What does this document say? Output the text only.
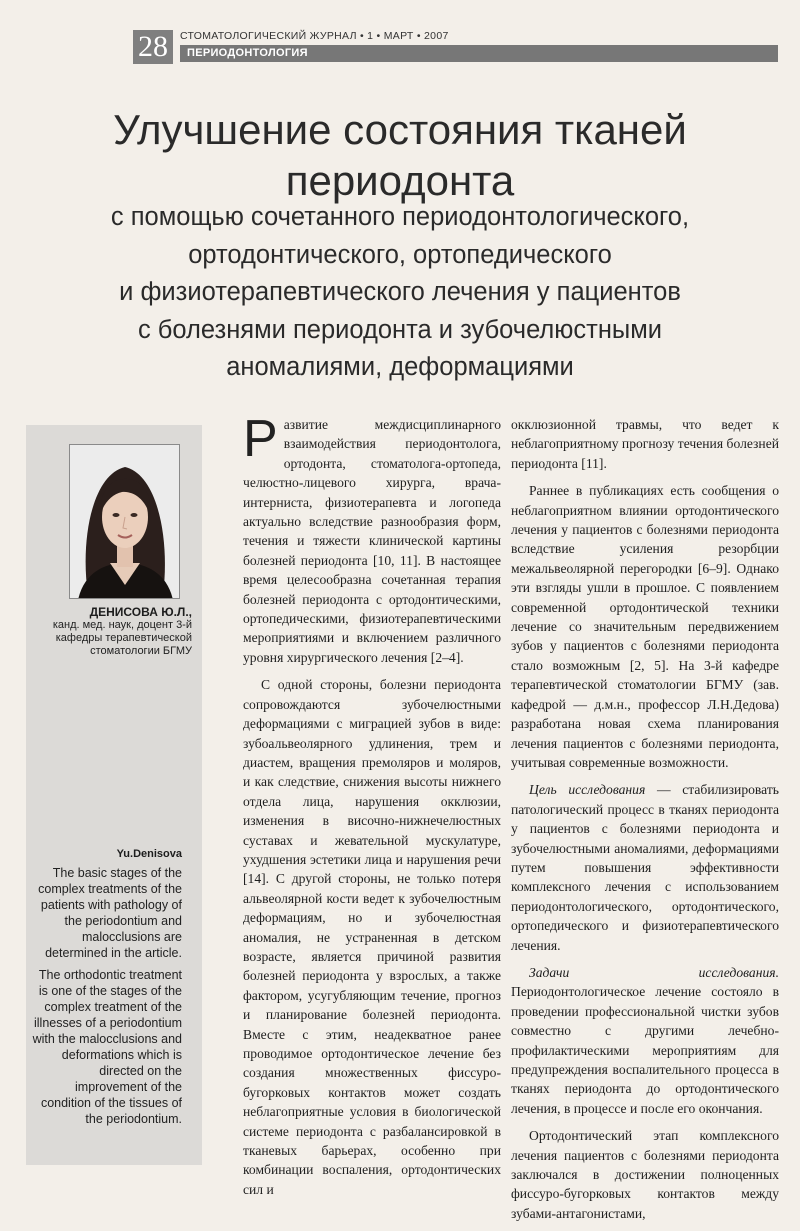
28	СТОМАТОЛОГИЧЕСКИЙ ЖУРНАЛ • 1 • МАРТ • 2007
ПЕРИОДОНТОЛОГИЯ
Улучшение состояния тканей
периодонта
с помощью сочетанного периодонтологического,
ортодонтического, ортопедического
и физиотерапевтического лечения у пациентов
с болезнями периодонта и зубочелюстными
аномалиями, деформациями
ДЕНИСОВА Ю.Л.,
канд. мед. наук, доцент 3-й кафедры терапевтической стоматологии БГМУ
Yu.Denisova

The basic stages of the complex treatments of the patients with pathology of the periodontium and malocclusions are determined in the article.

The orthodontic treatment is one of the stages of the complex treatment of the illnesses of a periodontium with the malocclusions and deformations which is directed on the improvement of the condition of the tissues of the periodontium.

Развитие междисциплинарного взаимодействия периодонтолога, ортодонта, стоматолога-ортопеда, челюстно-лицевого хирурга, врача-интерниста, физиотерапевта и логопеда актуально вследствие разнообразия форм, течения и тяжести клинической картины болезней периодонта [10, 11]. В настоящее время целесообразна сочетанная терапия болезней периодонта с ортодонтическими, ортопедическими, физиотерапевтическими мероприятиями и включением различного уровня хирургического лечения [2–4].

С одной стороны, болезни периодонта сопровождаются зубочелюстными деформациями с миграцией зубов в виде: зубоальвеолярного удлинения, трем и диастем, вращения премоляров и моляров, и как следствие, снижения высоты нижнего отдела лица, нарушения окклюзии, изменения в височно-нижнечелюстных суставах и жевательной мускулатуре, ухудшения эстетики лица и нарушения речи [14]. С другой стороны, не только потеря альвеолярной кости ведет к зубочелюстным деформациям, но и зубочелюстная аномалия, не устраненная в детском возрасте, является причиной развития болезней периодонта у взрослых, а также фактором, усугубляющим течение, прогноз и планирование болезней периодонта. Вместе с этим, неадекватное ранее проводимое ортодонтическое лечение без создания множественных фиссуро-бугорковых контактов может создать неблагоприятные условия в биологической системе периодонта с разбалансировкой в тканевых барьерах, особенно при комбинации воспаления, ортодонтических сил и

окклюзионной травмы, что ведет к неблагоприятному прогнозу течения болезней периодонта [11].

Раннее в публикациях есть сообщения о неблагоприятном влиянии ортодонтического лечения у пациентов с болезнями периодонта вследствие усиления резорбции межальвеолярной перегородки [6–9]. Однако эти взгляды ушли в прошлое. С появлением современной ортодонтической техники лечение со значительным передвижением зубов у пациентов с болезнями периодонта стало возможным [2, 5]. На 3-й кафедре терапевтической стоматологии БГМУ (зав. кафедрой — д.м.н., профессор Л.Н.Дедова) разработана новая схема планирования лечения пациентов с болезнями периодонта, учитывая современные возможности.

Цель исследования — стабилизировать патологический процесс в тканях периодонта у пациентов с болезнями периодонта и зубочелюстными аномалиями, деформациями путем повышения эффективности комплексного лечения с использованием периодонтологического, ортодонтического, ортопедического и физиотерапевтического лечения.

Задачи исследования. Периодонтологическое лечение состояло в проведении профессиональной чистки зубов совместно с другими лечебно-профилактическими мероприятиям для предупреждения воспалительного процесса в тканях периодонта до ортодонтического лечения, в процессе и после его окончания.

Ортодонтический этап комплексного лечения пациентов с болезнями периодонта заключался в достижении полноценных фиссуро-бугорковых контактов между зубами-антагонистами,
